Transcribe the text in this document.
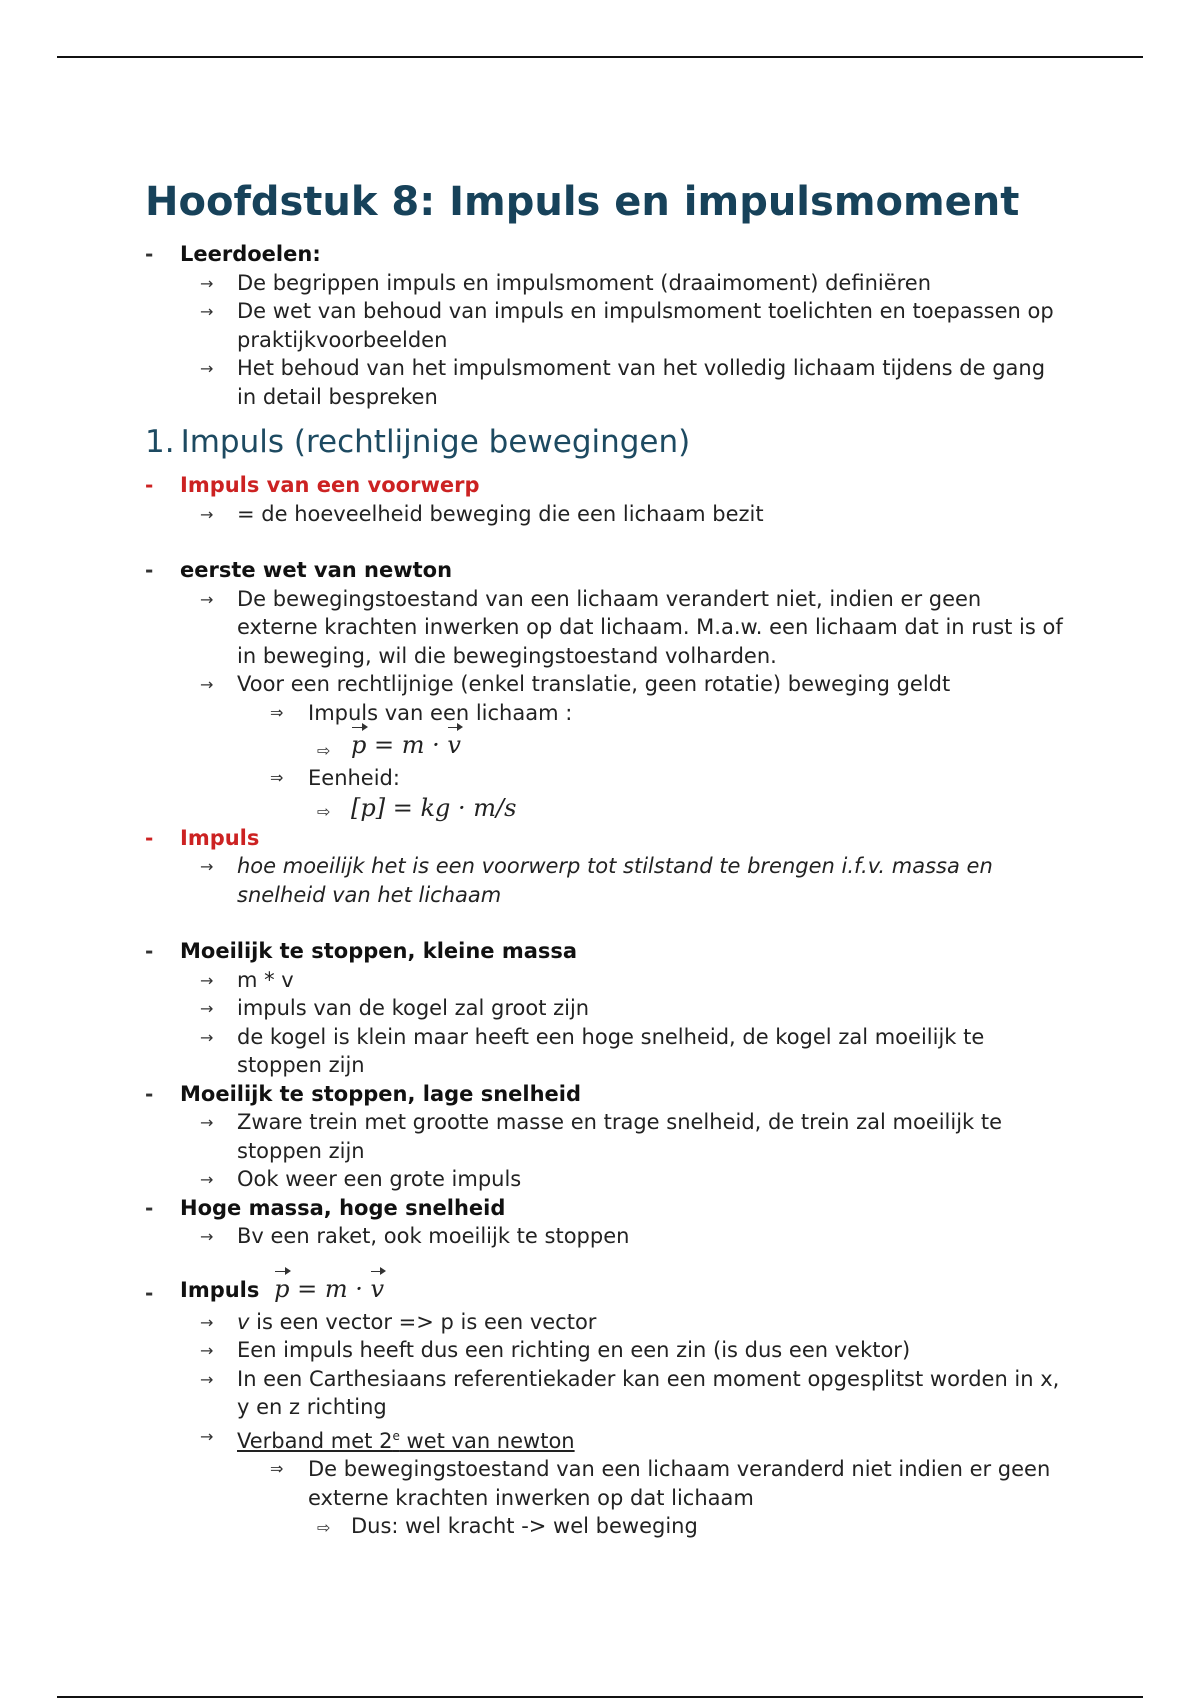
Hoofdstuk 8: Impuls en impulsmoment
- Leerdoelen:
→ De begrippen impuls en impulsmoment (draaimoment) definiëren
→ De wet van behoud van impuls en impulsmoment toelichten en toepassen op praktijkvoorbeelden
→ Het behoud van het impulsmoment van het volledig lichaam tijdens de gang in detail bespreken
1. Impuls (rechtlijnige bewegingen)
- Impuls van een voorwerp
→ = de hoeveelheid beweging die een lichaam bezit
- eerste wet van newton
→ De bewegingstoestand van een lichaam verandert niet, indien er geen externe krachten inwerken op dat lichaam. M.a.w. een lichaam dat in rust is of in beweging, wil die bewegingstoestand volharden.
→ Voor een rechtlijnige (enkel translatie, geen rotatie) beweging geldt
⇒ Impuls van een lichaam :
⇨ p = m · v
⇒ Eenheid:
⇨ [p] = kg · m/s
- Impuls
→ hoe moeilijk het is een voorwerp tot stilstand te brengen i.f.v. massa en snelheid van het lichaam
- Moeilijk te stoppen, kleine massa
→ m * v
→ impuls van de kogel zal groot zijn
→ de kogel is klein maar heeft een hoge snelheid, de kogel zal moeilijk te stoppen zijn
- Moeilijk te stoppen, lage snelheid
→ Zware trein met grootte masse en trage snelheid, de trein zal moeilijk te stoppen zijn
→ Ook weer een grote impuls
- Hoge massa, hoge snelheid
→ Bv een raket, ook moeilijk te stoppen
- Impuls p = m · v
→ v is een vector => p is een vector
→ Een impuls heeft dus een richting en een zin (is dus een vektor)
→ In een Carthesiaans referentiekader kan een moment opgesplitst worden in x, y en z richting
→ Verband met 2e wet van newton
⇒ De bewegingstoestand van een lichaam veranderd niet indien er geen externe krachten inwerken op dat lichaam
⇨ Dus: wel kracht -> wel beweging
